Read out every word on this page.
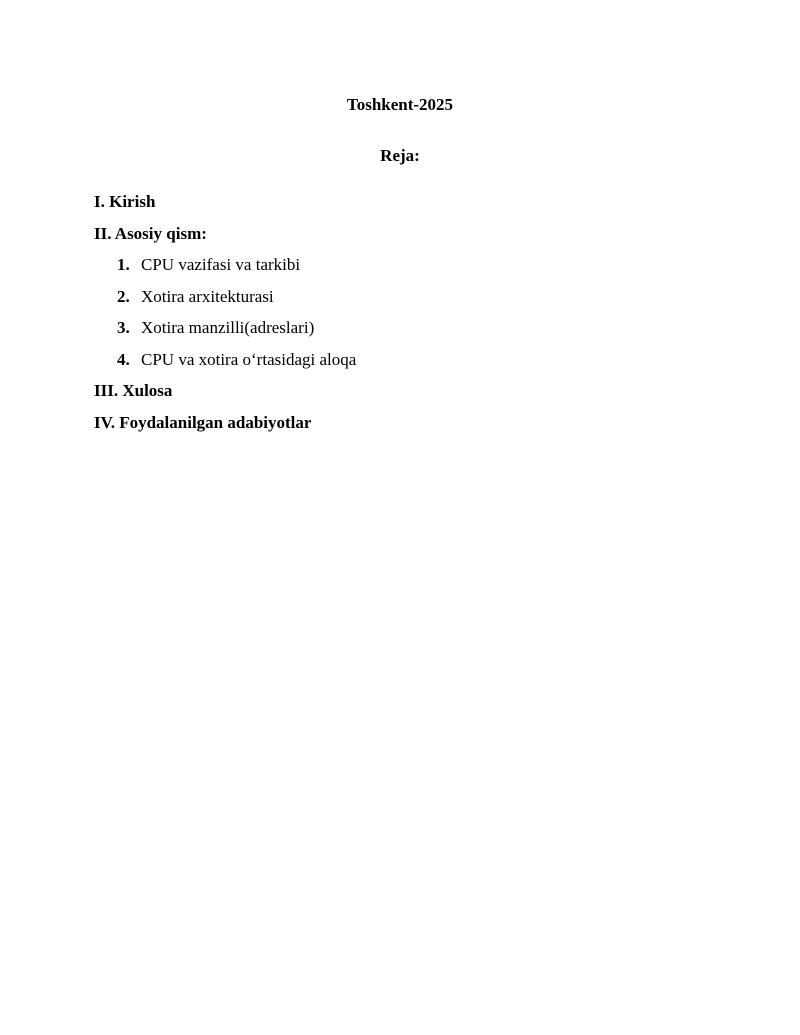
Toshkent-2025
Reja:
I. Kirish
II. Asosiy qism:
1. CPU vazifasi va tarkibi
2. Xotira arxitekturasi
3. Xotira manzilli(adreslari)
4. CPU va xotira o‘rtasidagi aloqa
III. Xulosa
IV. Foydalanilgan adabiyotlar
